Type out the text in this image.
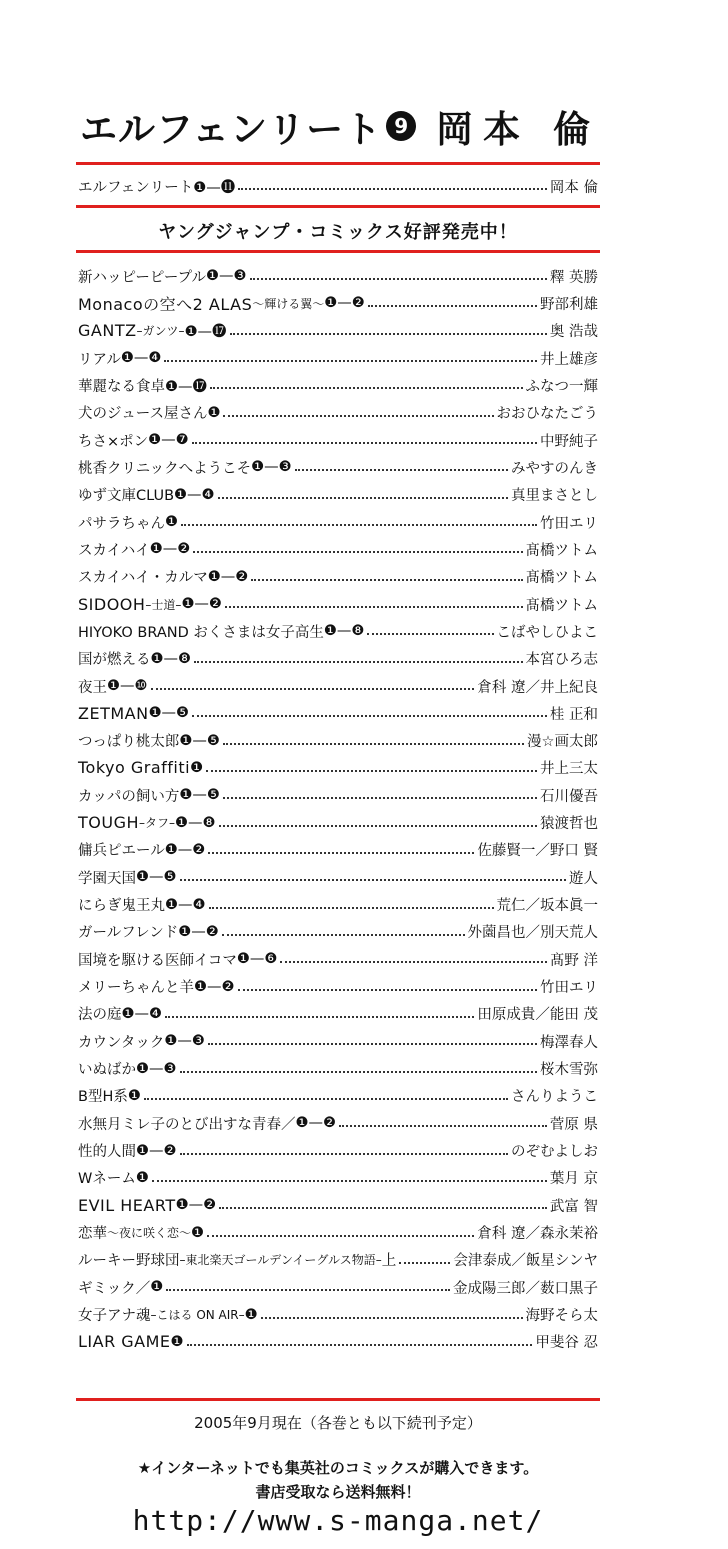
エルフェンリート 9 岡本 倫
エルフェンリート ❶—⓫	岡本 倫
ヤングジャンプ・コミックス好評発売中！
新ハッピーピープル ❶—❸	釋 英勝
Monacoの空へ2 ALAS ～輝ける翼～ ❶—❷	野部利雄
GANTZ –ガンツ– ❶—⓱	奥 浩哉
リアル ❶—❹	井上雄彦
華麗なる食卓 ❶—⓱	ふなつ一輝
犬のジュース屋さん ❶	おおひなたごう
ちさ×ポン ❶—❼	中野純子
桃香クリニックへようこそ ❶—❸	みやすのんき
ゆず文庫CLUB ❶—❹	真里まさとし
パサラちゃん ❶	竹田エリ
スカイハイ ❶—❷	髙橋ツトム
スカイハイ・カルマ ❶—❷	髙橋ツトム
SIDOOH –士道– ❶—❷	髙橋ツトム
HIYOKO BRAND おくさまは女子高生 ❶—❽	こばやしひよこ
国が燃える ❶—❽	本宮ひろ志
夜王 ❶—❿	倉科 遼／井上紀良
ZETMAN ❶—❺	桂 正和
つっぱり桃太郎 ❶—❺	漫☆画太郎
Tokyo Graffiti ❶	井上三太
カッパの飼い方 ❶—❺	石川優吾
TOUGH –タフ– ❶—❽	猿渡哲也
傭兵ピエール ❶—❷	佐藤賢一／野口 賢
学園天国 ❶—❺	遊人
にらぎ鬼王丸 ❶—❹	荒仁／坂本眞一
ガールフレンド ❶—❷	外薗昌也／別天荒人
国境を駆ける医師イコマ ❶—❻	髙野 洋
メリーちゃんと羊 ❶—❷	竹田エリ
法の庭 ❶—❹	田原成貴／能田 茂
カウンタック ❶—❸	梅澤春人
いぬばか ❶—❸	桜木雪弥
B型H系 ❶	さんりようこ
水無月ミレ子のとび出すな青春／ ❶—❷	菅原 県
性的人間 ❶—❷	のぞむよしお
Wネーム ❶	葉月 京
EVIL HEART ❶—❷	武富 智
恋華 ～夜に咲く恋～ ❶	倉科 遼／森永茉裕
ルーキー野球団 –東北楽天ゴールデンイーグルス物語– 上	会津泰成／飯星シンヤ
ギミック／ ❶	金成陽三郎／薮口黒子
女子アナ魂 –こはる ON AIR– ❶	海野そら太
LIAR GAME ❶	甲斐谷 忍
2005年9月現在（各巻とも以下続刊予定）
★インターネットでも集英社のコミックスが購入できます。
書店受取なら送料無料！
http://www.s-manga.net/
